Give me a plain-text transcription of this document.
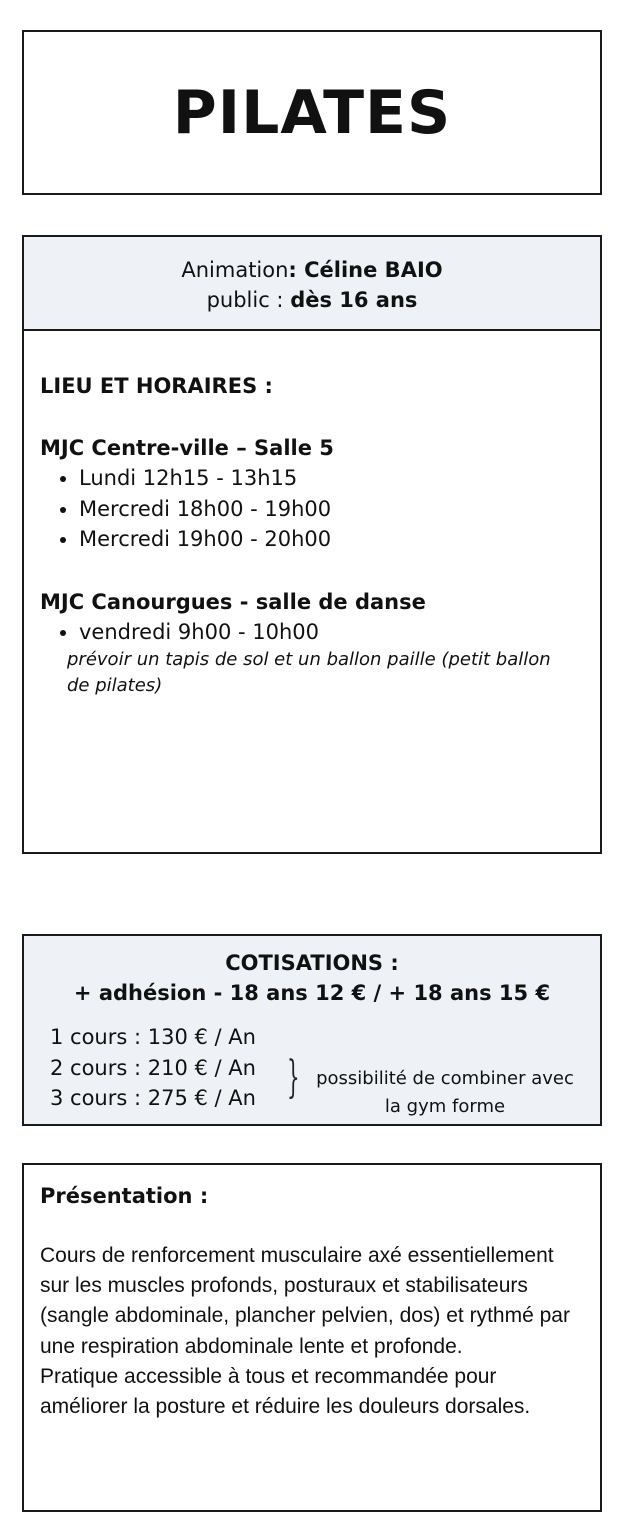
PILATES
Animation: Céline BAIO
public : dès 16 ans
LIEU ET HORAIRES :
MJC Centre-ville – Salle 5
• Lundi 12h15 - 13h15
• Mercredi 18h00 - 19h00
• Mercredi 19h00 - 20h00
MJC Canourgues - salle de danse
• vendredi 9h00 - 10h00
prévoir un tapis de sol et un ballon paille (petit ballon de pilates)
COTISATIONS :
+ adhésion - 18 ans 12 € / + 18 ans 15 €
1 cours : 130 € / An
2 cours : 210 € / An
3 cours : 275 € / An } possibilité de combiner avec la gym forme
Présentation :

Cours de renforcement musculaire axé essentiellement sur les muscles profonds, posturaux et stabilisateurs (sangle abdominale, plancher pelvien, dos) et rythmé par une respiration abdominale lente et profonde.

Pratique accessible à tous et recommandée pour améliorer la posture et réduire les douleurs dorsales.
